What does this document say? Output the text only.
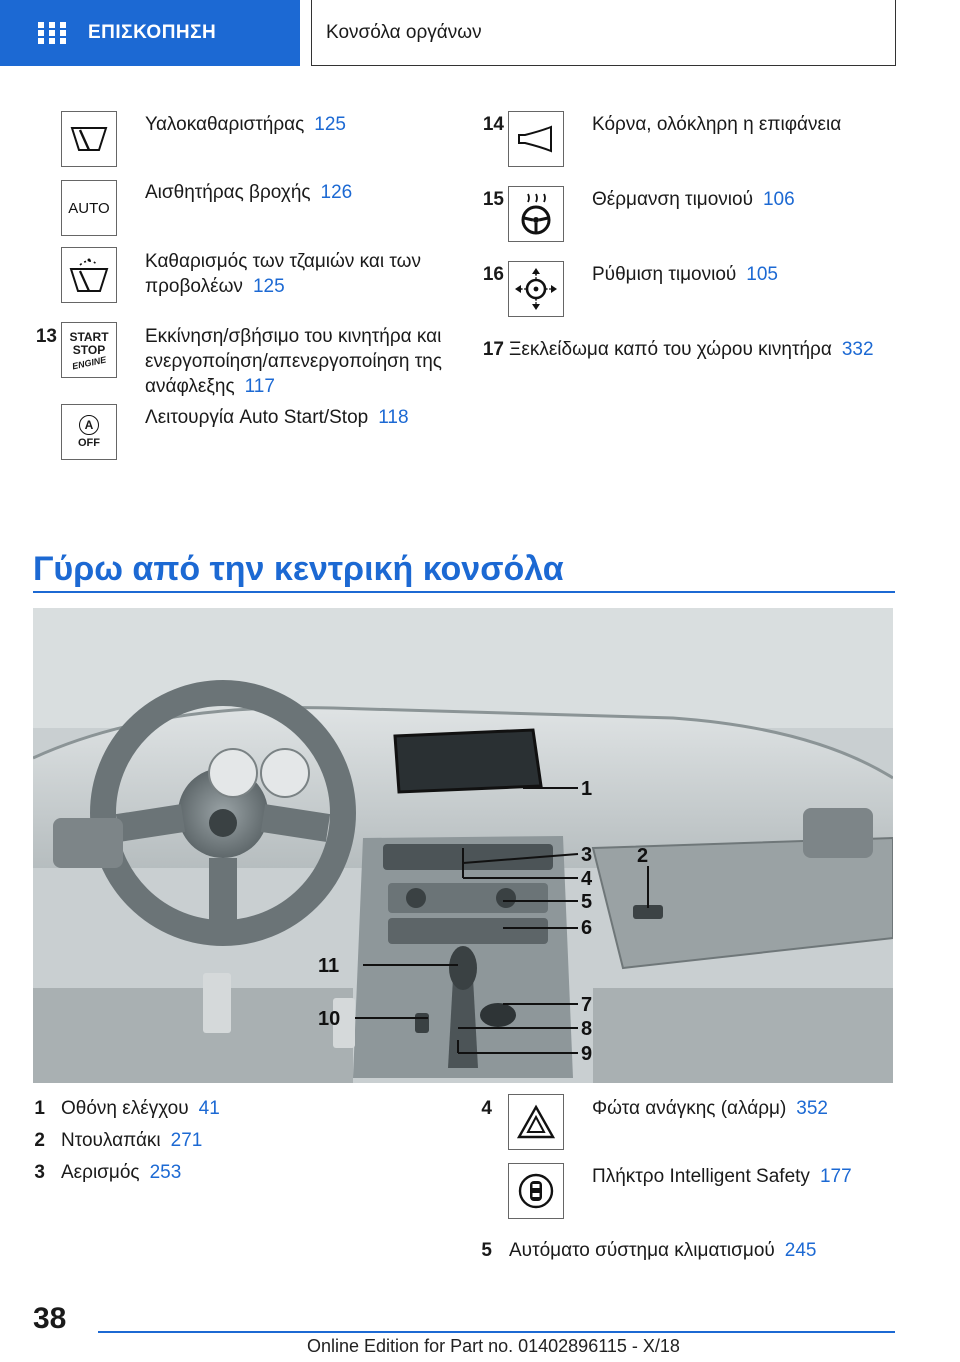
ΕΠΙΣΚΟΠΗΣΗ	Κονσόλα οργάνων
Υαλοκαθαριστήρας 125
AUTO
Αισθητήρας βροχής 126
Καθαρισμός των τζαμιών και των
προβολέων 125
13 START
STOP
ENGINE
Εκκίνηση/σβήσιμο του κινητήρα και
ενεργοποίηση/απενεργοποίηση της
ανάφλεξης 117
A
OFF
Λειτουργία Auto Start/Stop 118
14	Κόρνα, ολόκληρη η επιφάνεια
15	Θέρμανση τιμονιού 106
16	Ρύθμιση τιμονιού 105
17 Ξεκλείδωμα καπό του χώρου κινητήρα 332
Γύρω από την κεντρική κονσόλα
1
2
3
4
5
6
7
8
9
10
11
1 Οθόνη ελέγχου 41
2 Ντουλαπάκι 271
3 Αερισμός 253
4	Φώτα ανάγκης (αλάρμ) 352
Πλήκτρο Intelligent Safety 177
5 Αυτόματο σύστημα κλιματισμού 245
38
Online Edition for Part no. 01402896115 - X/18
